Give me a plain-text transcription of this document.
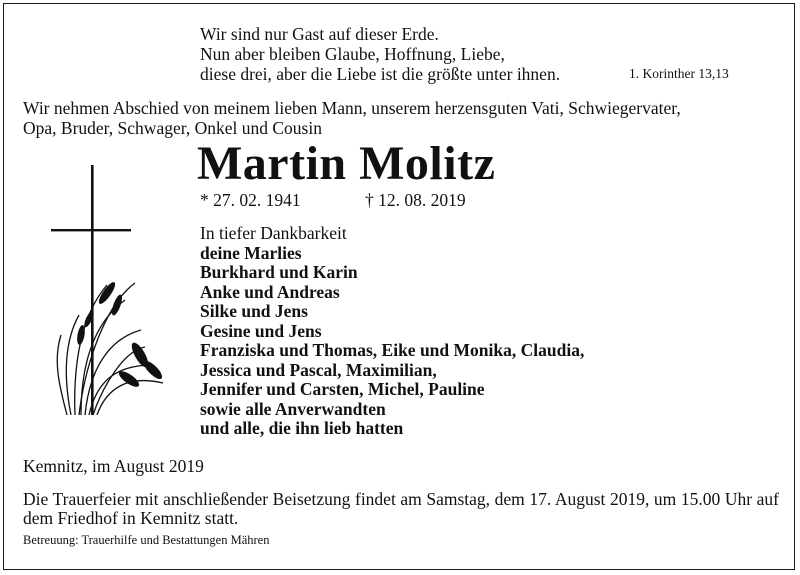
Wir sind nur Gast auf dieser Erde.
Nun aber bleiben Glaube, Hoffnung, Liebe,
diese drei, aber die Liebe ist die größte unter ihnen.	1. Korinther 13,13
Wir nehmen Abschied von meinem lieben Mann, unserem herzensguten Vati, Schwiegervater,
Opa, Bruder, Schwager, Onkel und Cousin
Martin Molitz
* 27. 02. 1941	† 12. 08. 2019
In tiefer Dankbarkeit
deine Marlies
Burkhard und Karin
Anke und Andreas
Silke und Jens
Gesine und Jens
Franziska und Thomas, Eike und Monika, Claudia,
Jessica und Pascal, Maximilian,
Jennifer und Carsten, Michel, Pauline
sowie alle Anverwandten
und alle, die ihn lieb hatten
Kemnitz, im August 2019
Die Trauerfeier mit anschließender Beisetzung findet am Samstag, dem 17. August 2019, um 15.00 Uhr auf dem Friedhof in Kemnitz statt.
Betreuung: Trauerhilfe und Bestattungen Mähren
